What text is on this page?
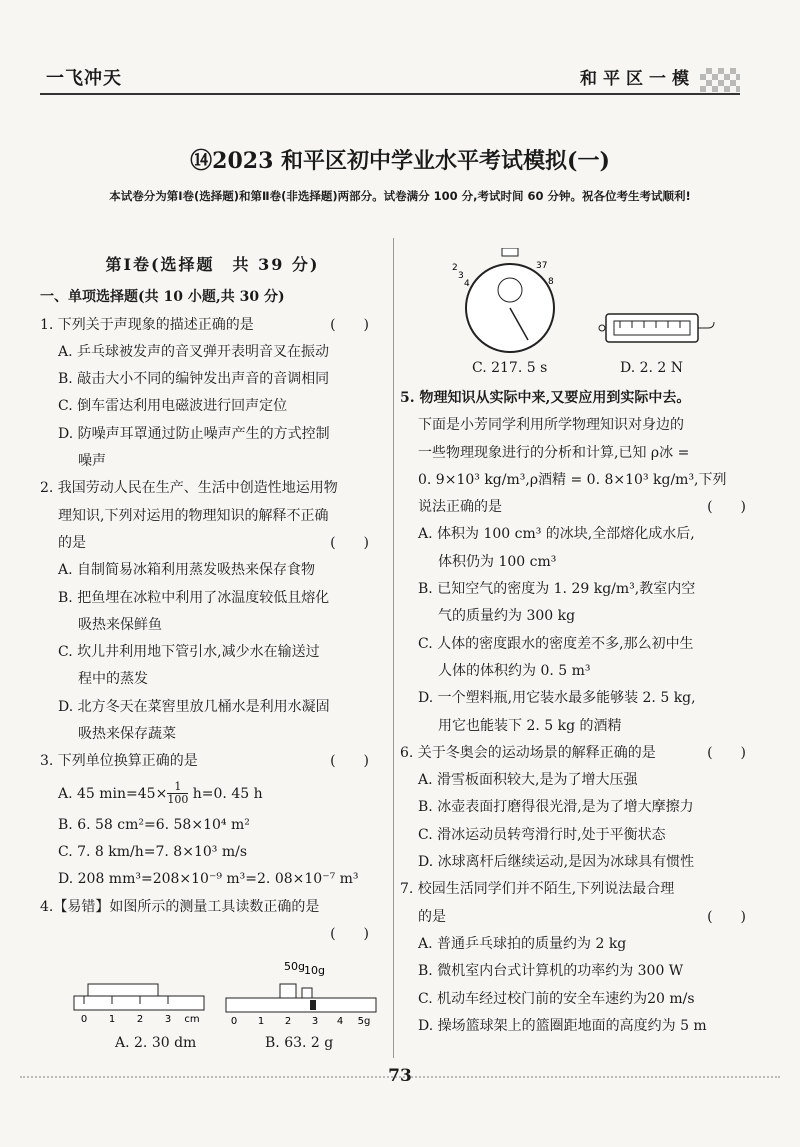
一飞冲天	和平区一模
⑭2023 和平区初中学业水平考试模拟(一)
本试卷分为第Ⅰ卷(选择题)和第Ⅱ卷(非选择题)两部分。试卷满分 100 分,考试时间 60 分钟。祝各位考生考试顺利!

第Ⅰ卷(选择题　共 39 分)

一、单项选择题(共 10 小题,共 30 分)

1. 下列关于声现象的描述正确的是	(　　)

A. 乒乓球被发声的音叉弹开表明音叉在振动

B. 敲击大小不同的编钟发出声音的音调相同

C. 倒车雷达利用电磁波进行回声定位

D. 防噪声耳罩通过防止噪声产生的方式控制

噪声

2. 我国劳动人民在生产、生活中创造性地运用物

理知识,下列对运用的物理知识的解释不正确

的是	(　　)

A. 自制简易冰箱利用蒸发吸热来保存食物

B. 把鱼埋在冰粒中利用了冰温度较低且熔化

吸热来保鲜鱼

C. 坎儿井利用地下管引水,减少水在输送过

程中的蒸发

D. 北方冬天在菜窖里放几桶水是利用水凝固

吸热来保存蔬菜

3. 下列单位换算正确的是	(　　)

A. 45 $\min=45\times \frac{1}{100} h=0$. 45 h

B. 6. 58 cm²=6. 58×10⁴ m²

C. 7. 8 km/h=7. 8×10³ m/s

D. 208 mm³=208×10⁻⁹ m³=2. 08×10⁻⁷ m³

4.【易错】如图所示的测量工具读数正确的是

(　　)

0 1 2 3 cm
A. 2. 30 dm
50g 10g
0 1 2 3 4 5g
B. 63. 2 g
2
3
4
37
8
C. 217. 5 s	D. 2. 2 N

5. 物理知识从实际中来,又要应用到实际中去。

下面是小芳同学利用所学物理知识对身边的

一些物理现象进行的分析和计算,已知 ρ冰 =

0. 9×10³ kg/m³,ρ酒精 = 0. 8×10³ kg/m³,下列

说法正确的是	(　　)

A. 体积为 100 cm³ 的冰块,全部熔化成水后,

体积仍为 100 cm³

B. 已知空气的密度为 1. 29 kg/m³,教室内空

气的质量约为 300 kg

C. 人体的密度跟水的密度差不多,那么初中生

人体的体积约为 0. 5 m³

D. 一个塑料瓶,用它装水最多能够装 2. 5 kg,

用它也能装下 2. 5 kg 的酒精

6. 关于冬奥会的运动场景的解释正确的是	(　　)

A. 滑雪板面积较大,是为了增大压强

B. 冰壶表面打磨得很光滑,是为了增大摩擦力

C. 滑冰运动员转弯滑行时,处于平衡状态

D. 冰球离杆后继续运动,是因为冰球具有惯性

7. 校园生活同学们并不陌生,下列说法最合理

的是	(　　)

A. 普通乒乓球拍的质量约为 2 kg

B. 微机室内台式计算机的功率约为 300 W

C. 机动车经过校门前的安全车速约为20 m/s

D. 操场篮球架上的篮圈距地面的高度约为 5 m

73
